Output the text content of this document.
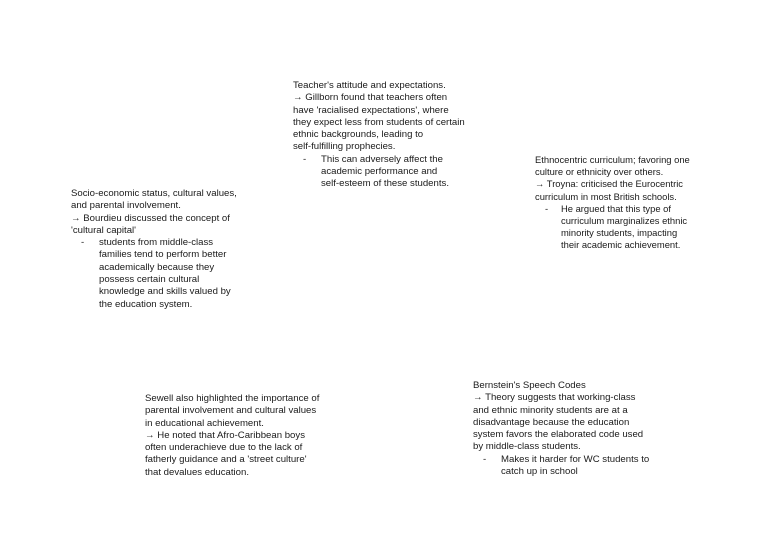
Teacher's attitude and expectations.
→ Gillborn found that teachers often
have 'racialised expectations', where
they expect less from students of certain
ethnic backgrounds, leading to
self-fulfilling prophecies.
- This can adversely affect the
academic performance and
self-esteem of these students.
Ethnocentric curriculum; favoring one
culture or ethnicity over others.
→ Troyna: criticised the Eurocentric
curriculum in most British schools.
- He argued that this type of
curriculum marginalizes ethnic
minority students, impacting
their academic achievement.
Socio-economic status, cultural values,
and parental involvement.
→ Bourdieu discussed the concept of
'cultural capital'
- students from middle-class
families tend to perform better
academically because they
possess certain cultural
knowledge and skills valued by
the education system.
Sewell also highlighted the importance of
parental involvement and cultural values
in educational achievement.
→ He noted that Afro-Caribbean boys
often underachieve due to the lack of
fatherly guidance and a 'street culture'
that devalues education.
Bernstein's Speech Codes
→ Theory suggests that working-class
and ethnic minority students are at a
disadvantage because the education
system favors the elaborated code used
by middle-class students.
- Makes it harder for WC students to
catch up in school
